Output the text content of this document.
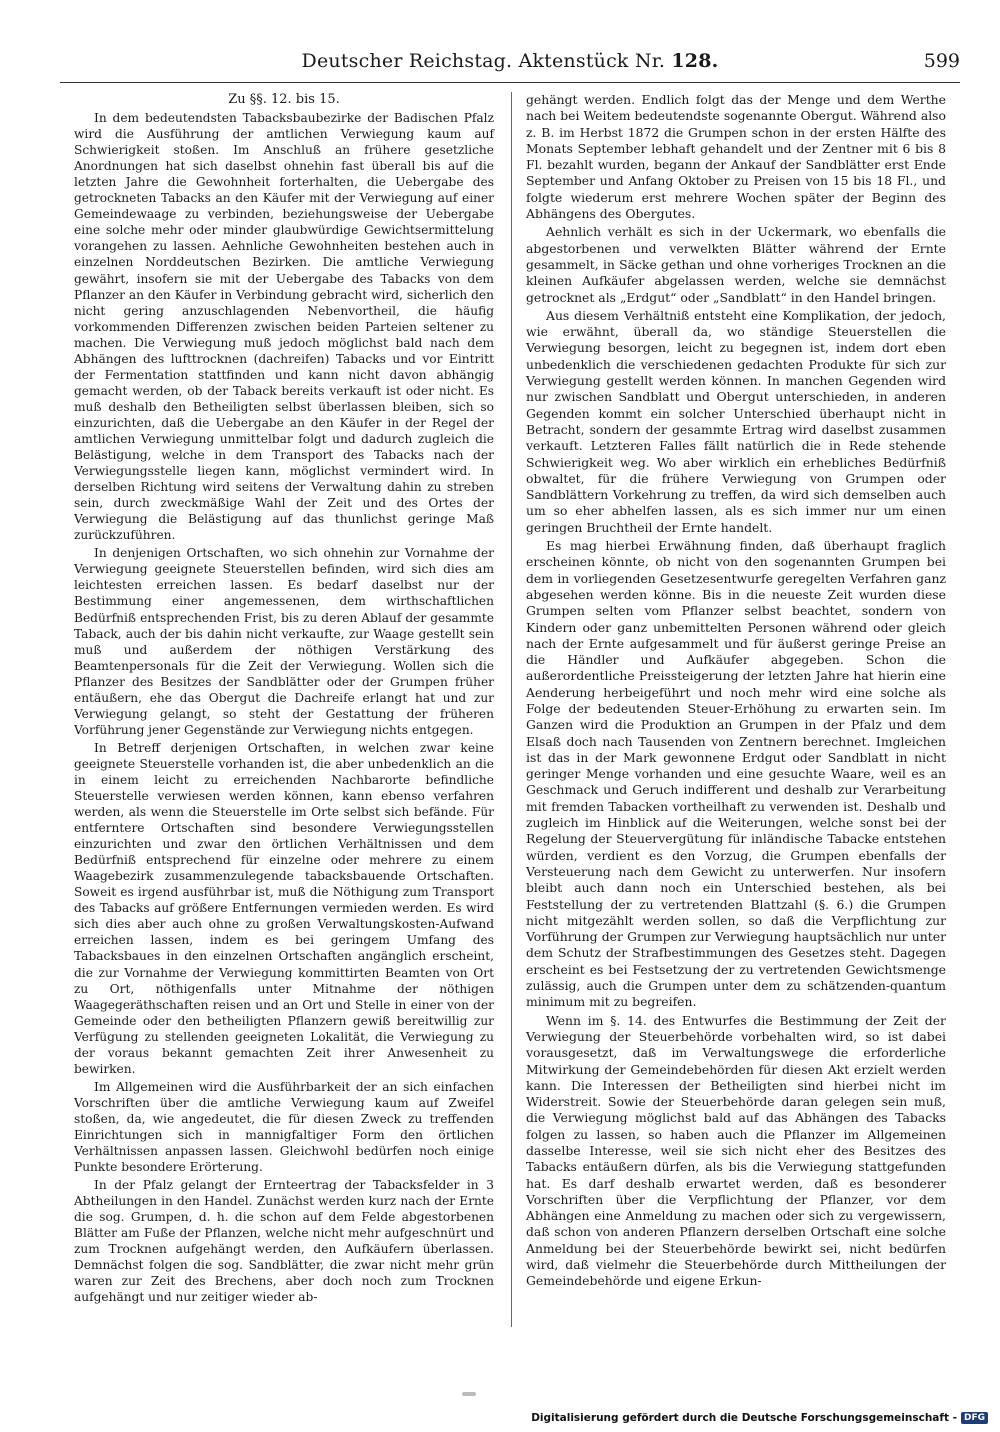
Deutscher Reichstag. Aktenstück Nr. 128.	599
Zu §§. 12. bis 15.

In dem bedeutendsten Tabacksbaubezirke der Badischen Pfalz wird die Ausführung der amtlichen Verwiegung kaum auf Schwierigkeit stoßen. Im Anschluß an frühere gesetzliche Anordnungen hat sich daselbst ohnehin fast überall bis auf die letzten Jahre die Gewohnheit forterhalten, die Uebergabe des getrockneten Tabacks an den Käufer mit der Verwiegung auf einer Gemeindewaage zu verbinden, beziehungsweise der Uebergabe eine solche mehr oder minder glaubwürdige Gewichtsermittelung vorangehen zu lassen. Aehnliche Gewohnheiten bestehen auch in einzelnen Norddeutschen Bezirken. Die amtliche Verwiegung gewährt, insofern sie mit der Uebergabe des Tabacks von dem Pflanzer an den Käufer in Verbindung gebracht wird, sicherlich den nicht gering anzuschlagenden Nebenvortheil, die häufig vorkommenden Differenzen zwischen beiden Parteien seltener zu machen. Die Verwiegung muß jedoch möglichst bald nach dem Abhängen des lufttrocknen (dachreifen) Tabacks und vor Eintritt der Fermentation stattfinden und kann nicht davon abhängig gemacht werden, ob der Taback bereits verkauft ist oder nicht. Es muß deshalb den Betheiligten selbst überlassen bleiben, sich so einzurichten, daß die Uebergabe an den Käufer in der Regel der amtlichen Verwiegung unmittelbar folgt und dadurch zugleich die Belästigung, welche in dem Transport des Tabacks nach der Verwiegungsstelle liegen kann, möglichst vermindert wird. In derselben Richtung wird seitens der Verwaltung dahin zu streben sein, durch zweckmäßige Wahl der Zeit und des Ortes der Verwiegung die Belästigung auf das thunlichst geringe Maß zurückzuführen.

In denjenigen Ortschaften, wo sich ohnehin zur Vornahme der Verwiegung geeignete Steuerstellen befinden, wird sich dies am leichtesten erreichen lassen. Es bedarf daselbst nur der Bestimmung einer angemessenen, dem wirthschaftlichen Bedürfniß entsprechenden Frist, bis zu deren Ablauf der gesammte Taback, auch der bis dahin nicht verkaufte, zur Waage gestellt sein muß und außerdem der nöthigen Verstärkung des Beamtenpersonals für die Zeit der Verwiegung. Wollen sich die Pflanzer des Besitzes der Sandblätter oder der Grumpen früher entäußern, ehe das Obergut die Dachreife erlangt hat und zur Verwiegung gelangt, so steht der Gestattung der früheren Vorführung jener Gegenstände zur Verwiegung nichts entgegen.

In Betreff derjenigen Ortschaften, in welchen zwar keine geeignete Steuerstelle vorhanden ist, die aber unbedenklich an die in einem leicht zu erreichenden Nachbarorte befindliche Steuerstelle verwiesen werden können, kann ebenso verfahren werden, als wenn die Steuerstelle im Orte selbst sich befände. Für entferntere Ortschaften sind besondere Verwiegungsstellen einzurichten und zwar den örtlichen Verhältnissen und dem Bedürfniß entsprechend für einzelne oder mehrere zu einem Waagebezirk zusammenzulegende tabacksbauende Ortschaften. Soweit es irgend ausführbar ist, muß die Nöthigung zum Transport des Tabacks auf größere Entfernungen vermieden werden. Es wird sich dies aber auch ohne zu großen Verwaltungskosten-Aufwand erreichen lassen, indem es bei geringem Umfang des Tabacksbaues in den einzelnen Ortschaften angänglich erscheint, die zur Vornahme der Verwiegung kommittirten Beamten von Ort zu Ort, nöthigenfalls unter Mitnahme der nöthigen Waagegeräthschaften reisen und an Ort und Stelle in einer von der Gemeinde oder den betheiligten Pflanzern gewiß bereitwillig zur Verfügung zu stellenden geeigneten Lokalität, die Verwiegung zu der voraus bekannt gemachten Zeit ihrer Anwesenheit zu bewirken.

Im Allgemeinen wird die Ausführbarkeit der an sich einfachen Vorschriften über die amtliche Verwiegung kaum auf Zweifel stoßen, da, wie angedeutet, die für diesen Zweck zu treffenden Einrichtungen sich in mannigfaltiger Form den örtlichen Verhältnissen anpassen lassen. Gleichwohl bedürfen noch einige Punkte besondere Erörterung.

In der Pfalz gelangt der Ernteertrag der Tabacksfelder in 3 Abtheilungen in den Handel. Zunächst werden kurz nach der Ernte die sog. Grumpen, d. h. die schon auf dem Felde abgestorbenen Blätter am Fuße der Pflanzen, welche nicht mehr aufgeschnürt und zum Trocknen aufgehängt werden, den Aufkäufern überlassen. Demnächst folgen die sog. Sandblätter, die zwar nicht mehr grün waren zur Zeit des Brechens, aber doch noch zum Trocknen aufgehängt und nur zeitiger wieder ab-

gehängt werden. Endlich folgt das der Menge und dem Werthe nach bei Weitem bedeutendste sogenannte Obergut. Während also z. B. im Herbst 1872 die Grumpen schon in der ersten Hälfte des Monats September lebhaft gehandelt und der Zentner mit 6 bis 8 Fl. bezahlt wurden, begann der Ankauf der Sandblätter erst Ende September und Anfang Oktober zu Preisen von 15 bis 18 Fl., und folgte wiederum erst mehrere Wochen später der Beginn des Abhängens des Obergutes.

Aehnlich verhält es sich in der Uckermark, wo ebenfalls die abgestorbenen und verwelkten Blätter während der Ernte gesammelt, in Säcke gethan und ohne vorheriges Trocknen an die kleinen Aufkäufer abgelassen werden, welche sie demnächst getrocknet als „Erdgut“ oder „Sandblatt“ in den Handel bringen.

Aus diesem Verhältniß entsteht eine Komplikation, der jedoch, wie erwähnt, überall da, wo ständige Steuerstellen die Verwiegung besorgen, leicht zu begegnen ist, indem dort eben unbedenklich die verschiedenen gedachten Produkte für sich zur Verwiegung gestellt werden können. In manchen Gegenden wird nur zwischen Sandblatt und Obergut unterschieden, in anderen Gegenden kommt ein solcher Unterschied überhaupt nicht in Betracht, sondern der gesammte Ertrag wird daselbst zusammen verkauft. Letzteren Falles fällt natürlich die in Rede stehende Schwierigkeit weg. Wo aber wirklich ein erhebliches Bedürfniß obwaltet, für die frühere Verwiegung von Grumpen oder Sandblättern Vorkehrung zu treffen, da wird sich demselben auch um so eher abhelfen lassen, als es sich immer nur um einen geringen Bruchtheil der Ernte handelt.

Es mag hierbei Erwähnung finden, daß überhaupt fraglich erscheinen könnte, ob nicht von den sogenannten Grumpen bei dem in vorliegenden Gesetzesentwurfe geregelten Verfahren ganz abgesehen werden könne. Bis in die neueste Zeit wurden diese Grumpen selten vom Pflanzer selbst beachtet, sondern von Kindern oder ganz unbemittelten Personen während oder gleich nach der Ernte aufgesammelt und für äußerst geringe Preise an die Händler und Aufkäufer abgegeben. Schon die außerordentliche Preissteigerung der letzten Jahre hat hierin eine Aenderung herbeigeführt und noch mehr wird eine solche als Folge der bedeutenden Steuer-Erhöhung zu erwarten sein. Im Ganzen wird die Produktion an Grumpen in der Pfalz und dem Elsaß doch nach Tausenden von Zentnern berechnet. Imgleichen ist das in der Mark gewonnene Erdgut oder Sandblatt in nicht geringer Menge vorhanden und eine gesuchte Waare, weil es an Geschmack und Geruch indifferent und deshalb zur Verarbeitung mit fremden Tabacken vortheilhaft zu verwenden ist. Deshalb und zugleich im Hinblick auf die Weiterungen, welche sonst bei der Regelung der Steuervergütung für inländische Tabacke entstehen würden, verdient es den Vorzug, die Grumpen ebenfalls der Versteuerung nach dem Gewicht zu unterwerfen. Nur insofern bleibt auch dann noch ein Unterschied bestehen, als bei Feststellung der zu vertretenden Blattzahl (§. 6.) die Grumpen nicht mitgezählt werden sollen, so daß die Verpflichtung zur Vorführung der Grumpen zur Verwiegung hauptsächlich nur unter dem Schutz der Strafbestimmungen des Gesetzes steht. Dagegen erscheint es bei Festsetzung der zu vertretenden Gewichtsmenge zulässig, auch die Grumpen unter dem zu schätzenden-quantum minimum mit zu begreifen.

Wenn im §. 14. des Entwurfes die Bestimmung der Zeit der Verwiegung der Steuerbehörde vorbehalten wird, so ist dabei vorausgesetzt, daß im Verwaltungswege die erforderliche Mitwirkung der Gemeindebehörden für diesen Akt erzielt werden kann. Die Interessen der Betheiligten sind hierbei nicht im Widerstreit. Sowie der Steuerbehörde daran gelegen sein muß, die Verwiegung möglichst bald auf das Abhängen des Tabacks folgen zu lassen, so haben auch die Pflanzer im Allgemeinen dasselbe Interesse, weil sie sich nicht eher des Besitzes des Tabacks entäußern dürfen, als bis die Verwiegung stattgefunden hat. Es darf deshalb erwartet werden, daß es besonderer Vorschriften über die Verpflichtung der Pflanzer, vor dem Abhängen eine Anmeldung zu machen oder sich zu vergewissern, daß schon von anderen Pflanzern derselben Ortschaft eine solche Anmeldung bei der Steuerbehörde bewirkt sei, nicht bedürfen wird, daß vielmehr die Steuerbehörde durch Mittheilungen der Gemeindebehörde und eigene Erkun-

Digitalisierung gefördert durch die Deutsche Forschungsgemeinschaft - DFG
